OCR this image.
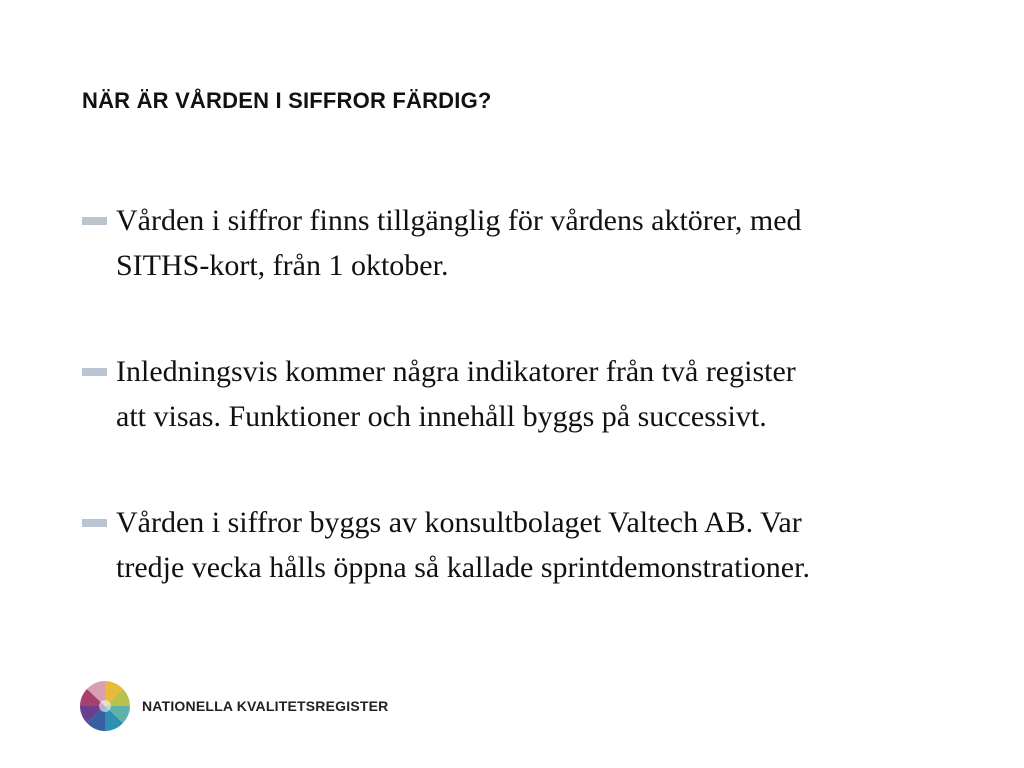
NÄR ÄR VÅRDEN I SIFFROR FÄRDIG?
Vården i siffror finns tillgänglig för vårdens aktörer, med
SITHS-kort, från 1 oktober.
Inledningsvis kommer några indikatorer från två register
att visas. Funktioner och innehåll byggs på successivt.
Vården i siffror byggs av konsultbolaget Valtech AB. Var
tredje vecka hålls öppna så kallade sprintdemonstrationer.
NATIONELLA KVALITETSREGISTER
